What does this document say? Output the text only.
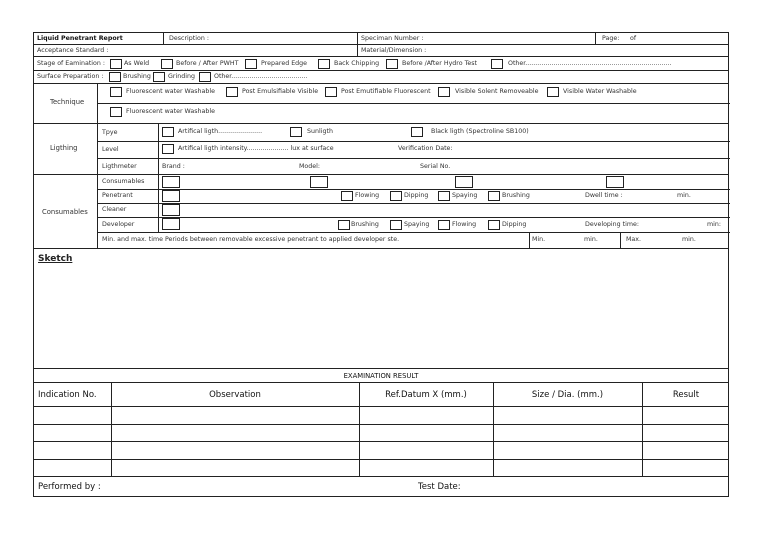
Liquid Penetrant Report	Description :	Speciman Number :	Page: of
Acceptance Standard :	Material/Dimension :
Stage of Eamination :	As Weld	Before / After PWHT	Prepared Edge	Back Chipping	Before /After Hydro Test	Other.........................................................................
Surface Preparation :	Brushing	Grinding	Other......................................
Technique
Fluorescent water Washable	Post Emulsifiable Visible	Post Emutifiable Fluorescent	Visible Solent Removeable	Visible Water Washable
Fluorescent water Washable
Ligthing
Tpye	Artifical ligth......................	Sunligth	Black ligth (Spectroline SB100)
Level	Artifical ligth intensity..................... lux at surface	Verification Date:
Ligthmeter	Brand :	Model:	Serial No.
Consumables
Consumables
Penetrant	Flowing	Dipping	Spaying	Brushing	Dwell time :	min.
Cleaner
Developer	Brushing	Spaying	Flowing	Dipping	Developing time:	min:
Min. and max. time Periods between removable excessive penetrant to applied developer ste.	Min.	min.	Max.	min.
Sketch
EXAMINATION RESULT
Indication No.	Observation	Ref.Datum X (mm.)	Size / Dia. (mm.)	Result
Performed by :	Test Date:
